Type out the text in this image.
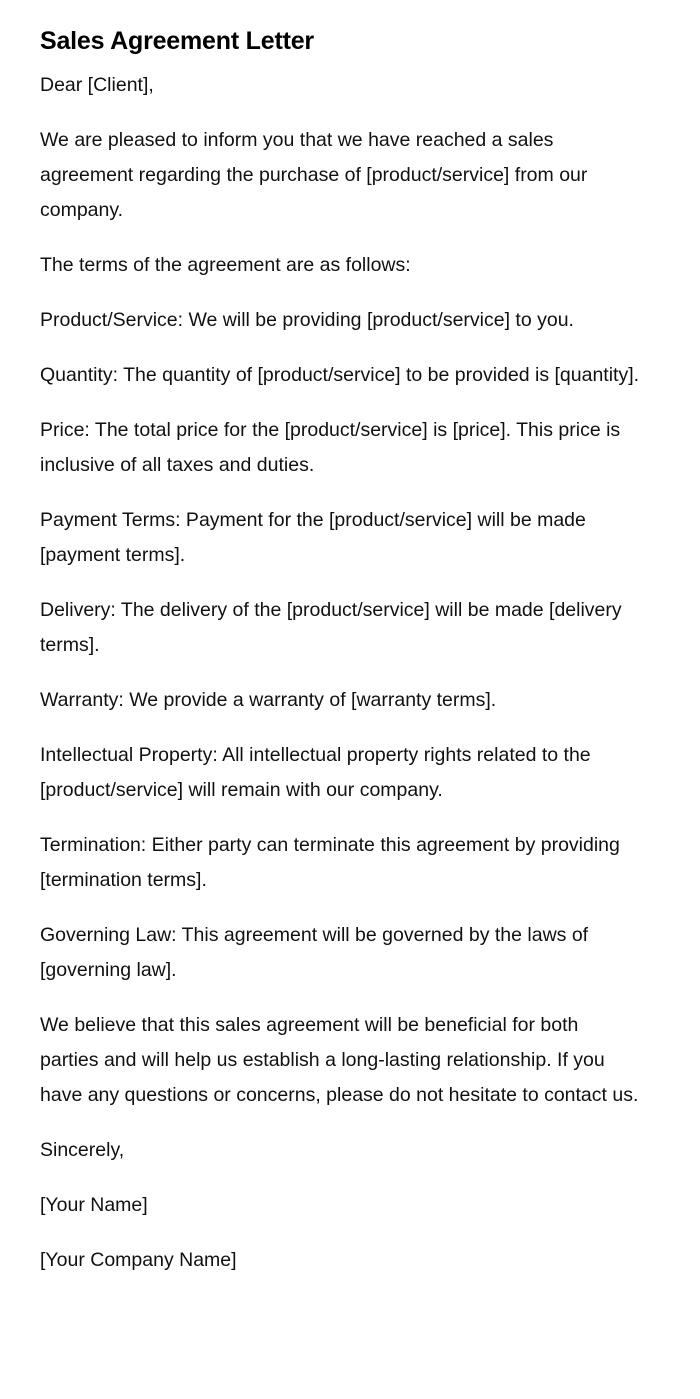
Sales Agreement Letter

Dear [Client],

We are pleased to inform you that we have reached a sales agreement regarding the purchase of [product/service] from our company.

The terms of the agreement are as follows:

Product/Service: We will be providing [product/service] to you.

Quantity: The quantity of [product/service] to be provided is [quantity].

Price: The total price for the [product/service] is [price]. This price is inclusive of all taxes and duties.

Payment Terms: Payment for the [product/service] will be made [payment terms].

Delivery: The delivery of the [product/service] will be made [delivery terms].

Warranty: We provide a warranty of [warranty terms].

Intellectual Property: All intellectual property rights related to the [product/service] will remain with our company.

Termination: Either party can terminate this agreement by providing [termination terms].

Governing Law: This agreement will be governed by the laws of [governing law].

We believe that this sales agreement will be beneficial for both parties and will help us establish a long-lasting relationship. If you have any questions or concerns, please do not hesitate to contact us.

Sincerely,

[Your Name]

[Your Company Name]
